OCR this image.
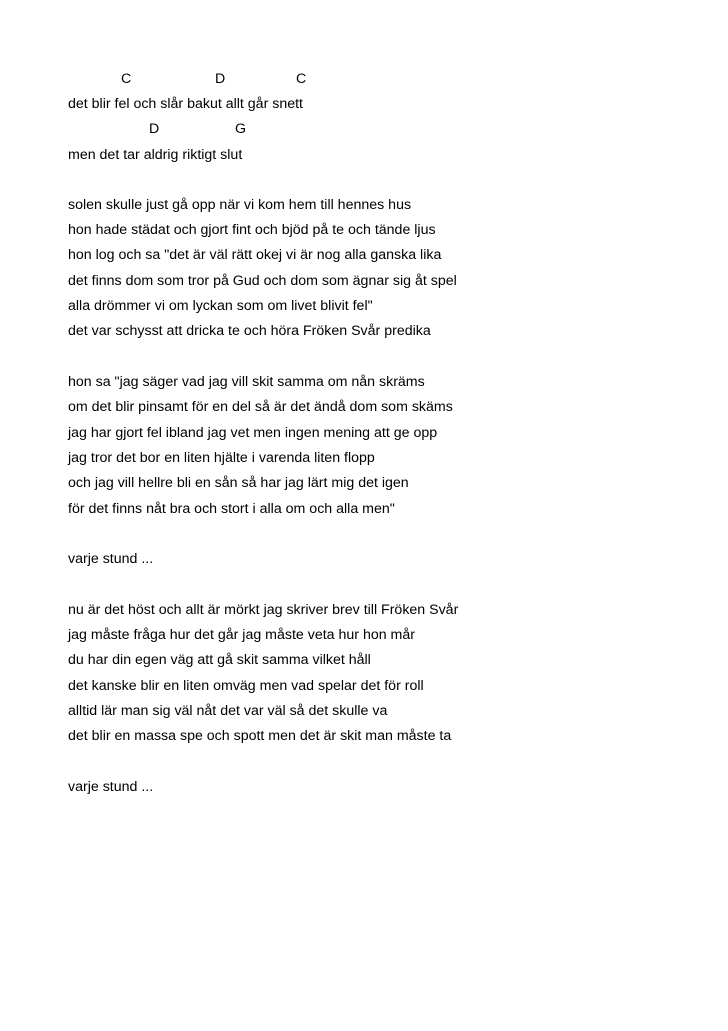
C	D	C

det blir fel och slår bakut allt går snett

D	G

men det tar aldrig riktigt slut

solen skulle just gå opp när vi kom hem till hennes hus

hon hade städat och gjort fint och bjöd på te och tände ljus

hon log och sa "det är väl rätt okej vi är nog alla ganska lika

det finns dom som tror på Gud och dom som ägnar sig åt spel

alla drömmer vi om lyckan som om livet blivit fel"

det var schysst att dricka te och höra Fröken Svår predika

hon sa "jag säger vad jag vill skit samma om nån skräms

om det blir pinsamt för en del så är det ändå dom som skäms

jag har gjort fel ibland jag vet men ingen mening att ge opp

jag tror det bor en liten hjälte i varenda liten flopp

och jag vill hellre bli en sån så har jag lärt mig det igen

för det finns nåt bra och stort i alla om och alla men"

varje stund ...

nu är det höst och allt är mörkt jag skriver brev till Fröken Svår

jag måste fråga hur det går jag måste veta hur hon mår

du har din egen väg att gå skit samma vilket håll

det kanske blir en liten omväg men vad spelar det för roll

alltid lär man sig väl nåt det var väl så det skulle va

det blir en massa spe och spott men det är skit man måste ta

varje stund ...
